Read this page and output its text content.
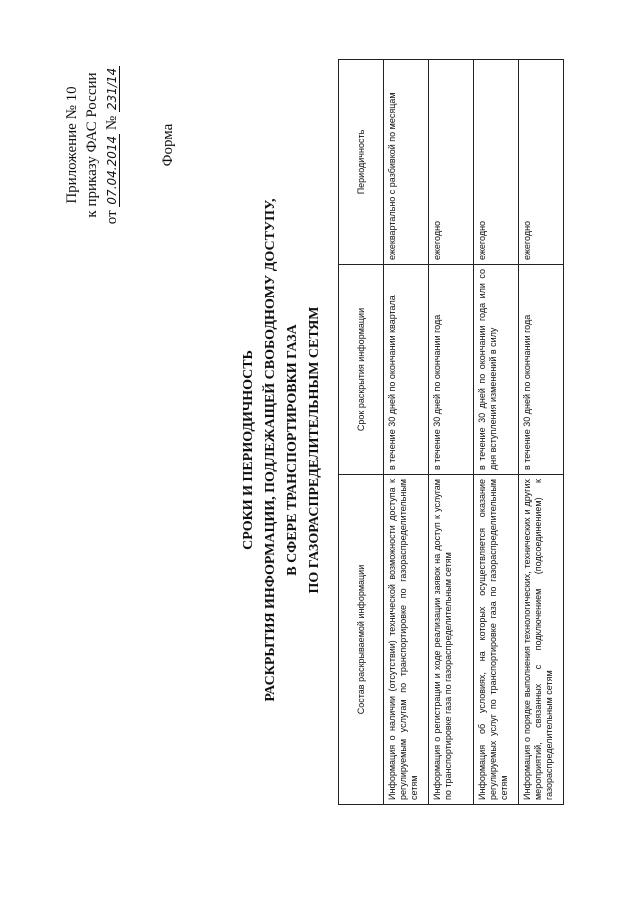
Приложение № 10 к приказу ФАС России от 07.04.2014 № 231/14
Форма
СРОКИ И ПЕРИОДИЧНОСТЬ РАСКРЫТИЯ ИНФОРМАЦИИ, ПОДЛЕЖАЩЕЙ СВОБОДНОМУ ДОСТУПУ, В СФЕРЕ ТРАНСПОРТИРОВКИ ГАЗА ПО ГАЗОРАСПРЕДЕЛИТЕЛЬНЫМ СЕТЯМ
Состав раскрываемой информации	Срок раскрытия информации	Периодичность
Информация о наличии (отсутствии) технической возможности доступа к регулируемым услугам по транспортировке по газораспределительным сетям	в течение 30 дней по окончании квартала	ежеквартально с разбивкой по месяцам
Информация о регистрации и ходе реализации заявок на доступ к услугам по транспортировке газа по газораспределительным сетям	в течение 30 дней по окончании года	ежегодно
Информация об условиях, на которых осуществляется оказание регулируемых услуг по транспортировке газа по газораспределительным сетям	в течение 30 дней по окончании года или со дня вступления изменений в силу	ежегодно
Информация о порядке выполнения технологических, технических и других мероприятий, связанных с подключением (подсоединением) к газораспределительным сетям	в течение 30 дней по окончании года	ежегодно
